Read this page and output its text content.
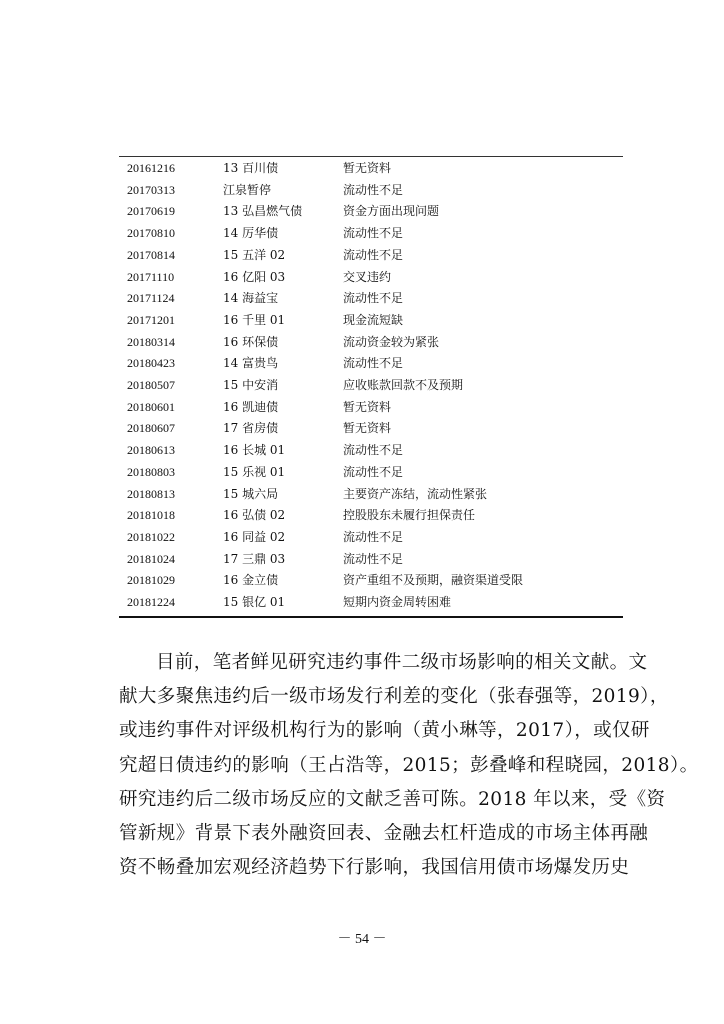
20161216	13 百川债	暂无资料
20170313	江泉暂停	流动性不足
20170619	13 弘昌燃气债	资金方面出现问题
20170810	14 厉华债	流动性不足
20170814	15 五洋 02	流动性不足
20171110	16 亿阳 03	交叉违约
20171124	14 海益宝	流动性不足
20171201	16 千里 01	现金流短缺
20180314	16 环保债	流动资金较为紧张
20180423	14 富贵鸟	流动性不足
20180507	15 中安消	应收账款回款不及预期
20180601	16 凯迪债	暂无资料
20180607	17 省房债	暂无资料
20180613	16 长城 01	流动性不足
20180803	15 乐视 01	流动性不足
20180813	15 城六局	主要资产冻结，流动性紧张
20181018	16 弘债 02	控股股东未履行担保责任
20181022	16 同益 02	流动性不足
20181024	17 三鼎 03	流动性不足
20181029	16 金立债	资产重组不及预期，融资渠道受限
20181224	15 银亿 01	短期内资金周转困难
目前，笔者鲜见研究违约事件二级市场影响的相关文献。文
献大多聚焦违约后一级市场发行利差的变化（张春强等，2019），
或违约事件对评级机构行为的影响（黄小琳等，2017），或仅研
究超日债违约的影响（王占浩等，2015；彭叠峰和程晓园，2018）。
研究违约后二级市场反应的文献乏善可陈。2018 年以来，受《资
管新规》背景下表外融资回表、金融去杠杆造成的市场主体再融
资不畅叠加宏观经济趋势下行影响，我国信用债市场爆发历史
－ 54 －
